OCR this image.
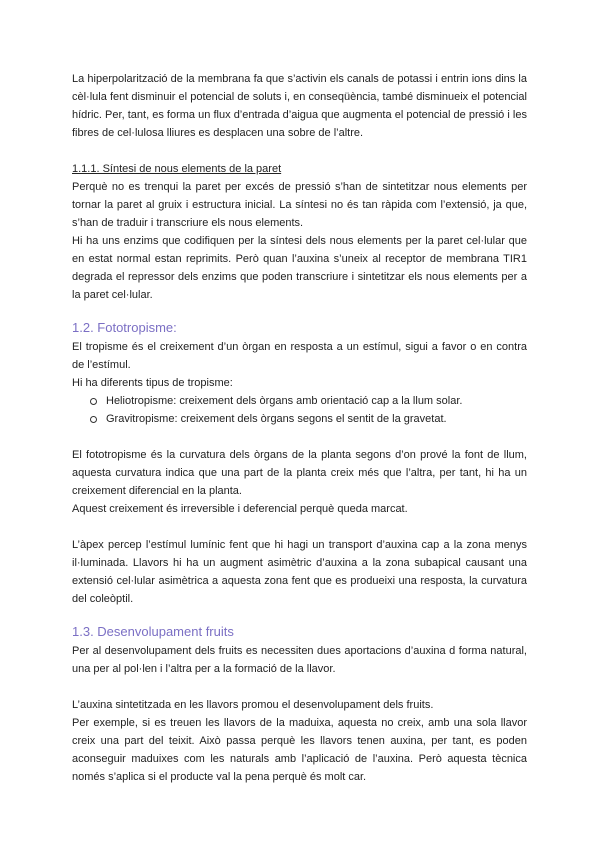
La hiperpolarització de la membrana fa que s’activin els canals de potassi i entrin ions dins la cèl·lula fent disminuir el potencial de soluts i, en conseqüència, també disminueix el potencial hídric. Per, tant, es forma un flux d’entrada d’aigua que augmenta el potencial de pressió i les fibres de cel·lulosa lliures es desplacen una sobre de l’altre.

1.1.1. Síntesi de nous elements de la paret

Perquè no es trenqui la paret per excés de pressió s’han de sintetitzar nous elements per tornar la paret al gruix i estructura inicial. La síntesi no és tan ràpida com l’extensió, ja que, s’han de traduir i transcriure els nous elements.

Hi ha uns enzims que codifiquen per la síntesi dels nous elements per la paret cel·lular que en estat normal estan reprimits. Però quan l’auxina s’uneix al receptor de membrana TIR1 degrada el repressor dels enzims que poden transcriure i sintetitzar els nous elements per a la paret cel·lular.

1.2. Fototropisme:

El tropisme és el creixement d’un òrgan en resposta a un estímul, sigui a favor o en contra de l’estímul.

Hi ha diferents tipus de tropisme:

Heliotropisme: creixement dels òrgans amb orientació cap a la llum solar.
Gravitropisme: creixement dels òrgans segons el sentit de la gravetat.

El fototropisme és la curvatura dels òrgans de la planta segons d’on prové la font de llum, aquesta curvatura indica que una part de la planta creix més que l’altra, per tant, hi ha un creixement diferencial en la planta.

Aquest creixement és irreversible i deferencial perquè queda marcat.

L’àpex percep l’estímul lumínic fent que hi hagi un transport d’auxina cap a la zona menys il·luminada. Llavors hi ha un augment asimètric d’auxina a la zona subapical causant una extensió cel·lular asimètrica a aquesta zona fent que es produeixi una resposta, la curvatura del coleòptil.

1.3. Desenvolupament fruits

Per al desenvolupament dels fruits es necessiten dues aportacions d’auxina d forma natural, una per al pol·len i l’altra per a la formació de la llavor.

L’auxina sintetitzada en les llavors promou el desenvolupament dels fruits.

Per exemple, si es treuen les llavors de la maduixa, aquesta no creix, amb una sola llavor creix una part del teixit. Això passa perquè les llavors tenen auxina, per tant, es poden aconseguir maduixes com les naturals amb l’aplicació de l’auxina. Però aquesta tècnica només s’aplica si el producte val la pena perquè és molt car.
